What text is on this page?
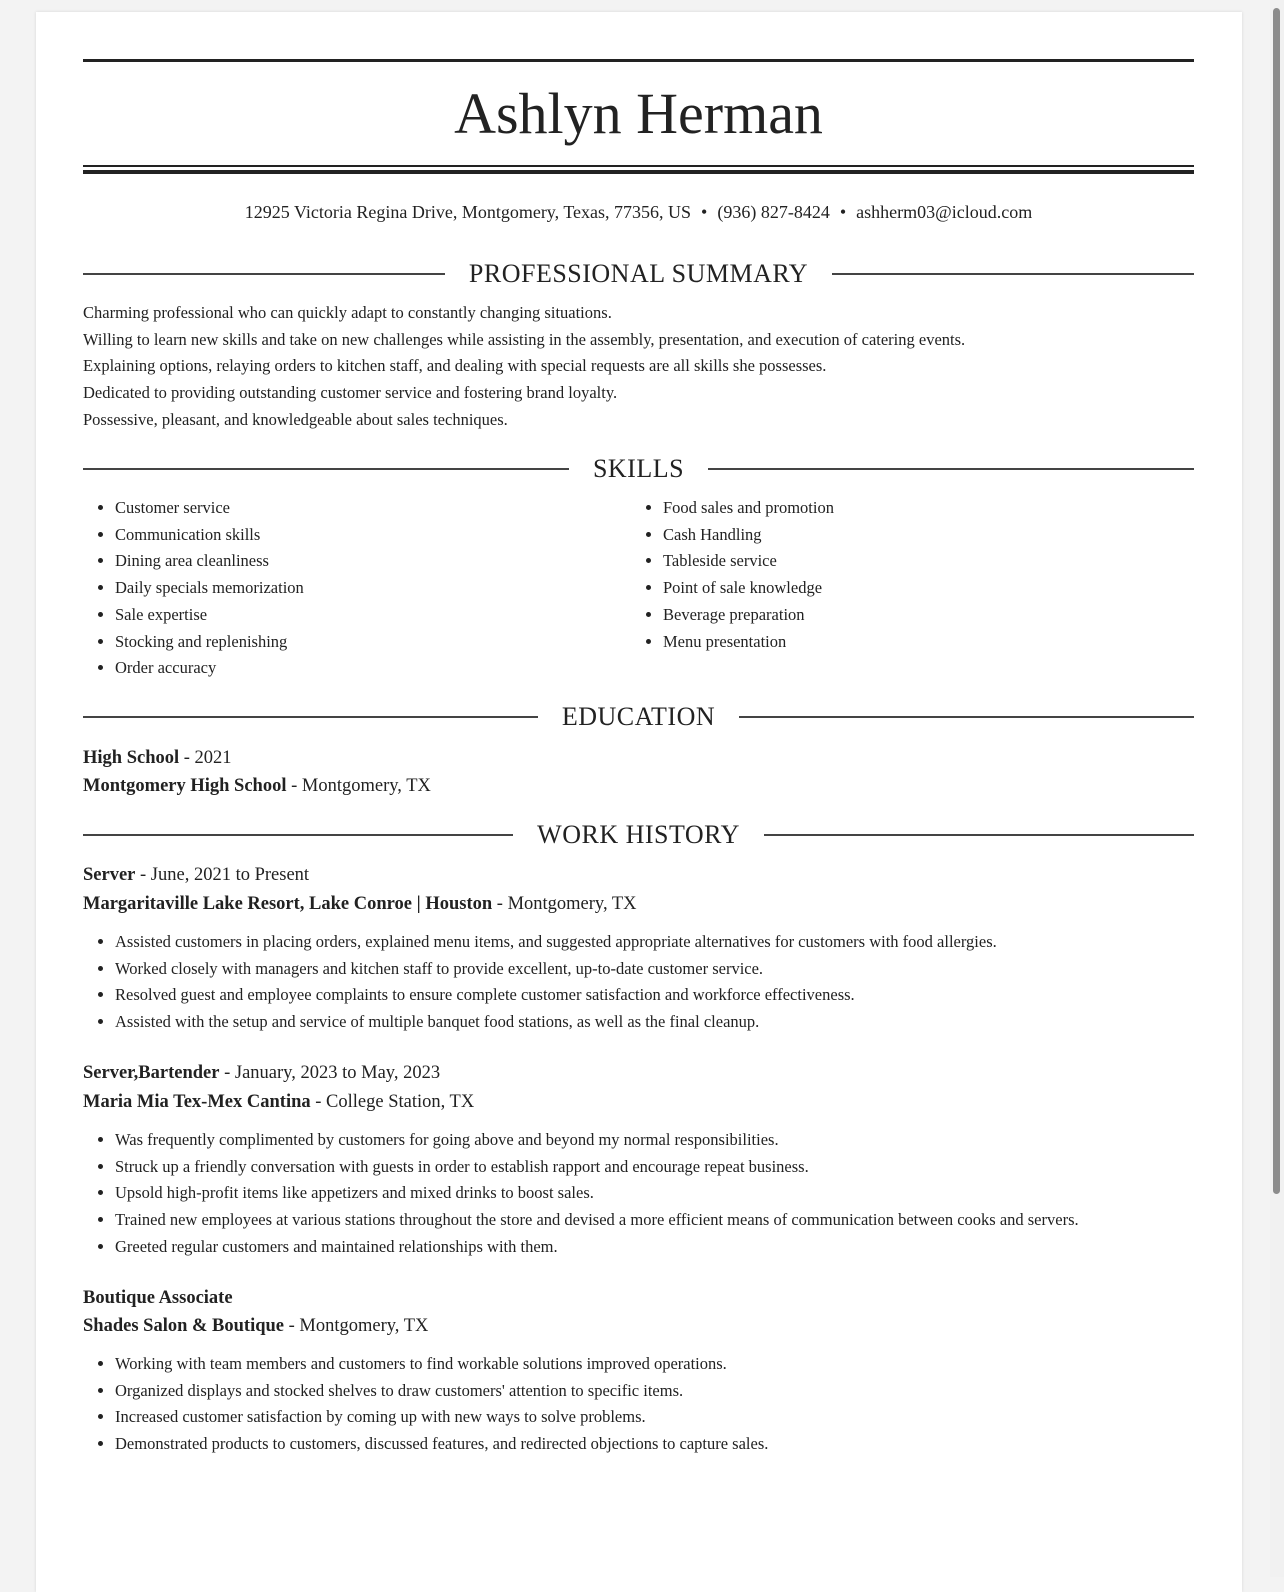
Ashlyn Herman
12925 Victoria Regina Drive, Montgomery, Texas, 77356, US • (936) 827-8424 • ashherm03@icloud.com
PROFESSIONAL SUMMARY

Charming professional who can quickly adapt to constantly changing situations.

Willing to learn new skills and take on new challenges while assisting in the assembly, presentation, and execution of catering events.

Explaining options, relaying orders to kitchen staff, and dealing with special requests are all skills she possesses.

Dedicated to providing outstanding customer service and fostering brand loyalty.

Possessive, pleasant, and knowledgeable about sales techniques.

SKILLS
• Customer service
• Communication skills
• Dining area cleanliness
• Daily specials memorization
• Sale expertise
• Stocking and replenishing
• Order accuracy
• Food sales and promotion
• Cash Handling
• Tableside service
• Point of sale knowledge
• Beverage preparation
• Menu presentation
EDUCATION
High School - 2021
Montgomery High School - Montgomery, TX
WORK HISTORY
Server - June, 2021 to Present
Margaritaville Lake Resort, Lake Conroe | Houston - Montgomery, TX
• Assisted customers in placing orders, explained menu items, and suggested appropriate alternatives for customers with food allergies.
• Worked closely with managers and kitchen staff to provide excellent, up-to-date customer service.
• Resolved guest and employee complaints to ensure complete customer satisfaction and workforce effectiveness.
• Assisted with the setup and service of multiple banquet food stations, as well as the final cleanup.
Server,Bartender - January, 2023 to May, 2023
Maria Mia Tex-Mex Cantina - College Station, TX
• Was frequently complimented by customers for going above and beyond my normal responsibilities.
• Struck up a friendly conversation with guests in order to establish rapport and encourage repeat business.
• Upsold high-profit items like appetizers and mixed drinks to boost sales.
• Trained new employees at various stations throughout the store and devised a more efficient means of communication between cooks and servers.
• Greeted regular customers and maintained relationships with them.
Boutique Associate
Shades Salon & Boutique - Montgomery, TX
• Working with team members and customers to find workable solutions improved operations.
• Organized displays and stocked shelves to draw customers' attention to specific items.
• Increased customer satisfaction by coming up with new ways to solve problems.
• Demonstrated products to customers, discussed features, and redirected objections to capture sales.
